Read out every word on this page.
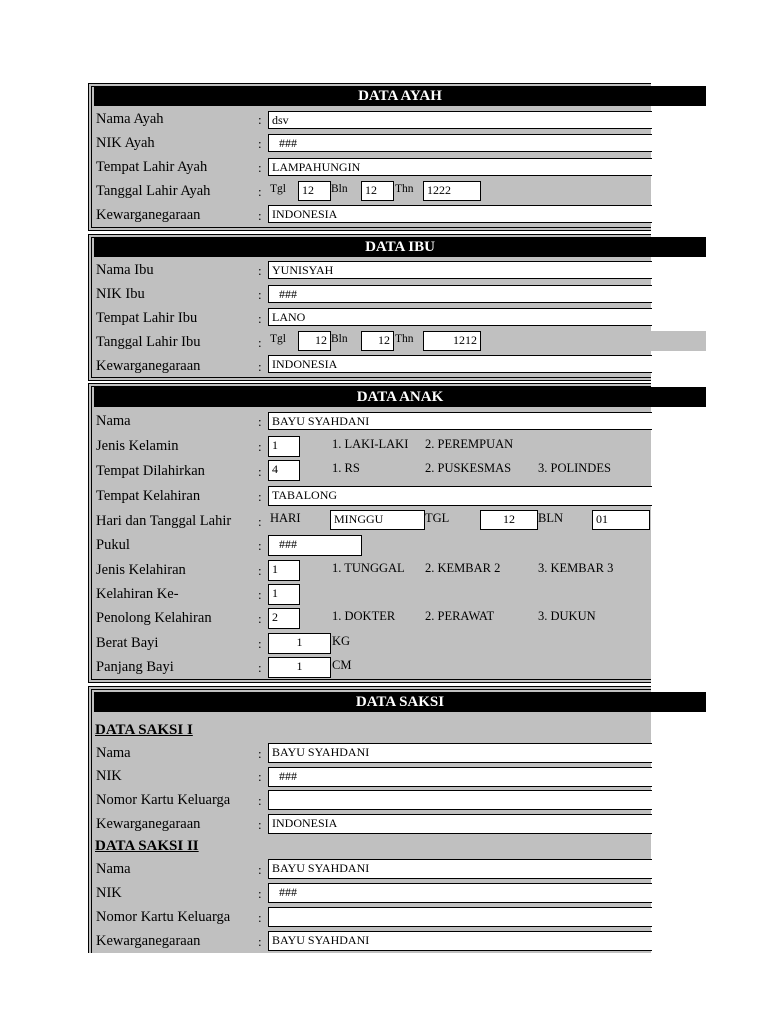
DATA AYAH
Nama Ayah	: dsv
NIK Ayah	:	###
Tempat Lahir Ayah	: LAMPAHUNGIN
Tanggal Lahir Ayah	: Tgl	12	Bln	12	Thn	1222
Kewarganegaraan	: INDONESIA
DATA IBU
Nama Ibu	: YUNISYAH
NIK Ibu	:	###
Tempat Lahir Ibu	: LANO
Tanggal Lahir Ibu	: Tgl	12 Bln	12 Thn	1212
Kewarganegaraan	: INDONESIA
DATA ANAK
Nama	: BAYU SYAHDANI
Jenis Kelamin	: 1	1. LAKI-LAKI 2. PEREMPUAN
Tempat Dilahirkan	: 4	1. RS	2. PUSKESMAS 3. POLINDES
Tempat Kelahiran	: TABALONG
Hari dan Tanggal Lahir : HARI	MINGGU	TGL	12	BLN	01
Pukul	:	###
Jenis Kelahiran	: 1	1. TUNGGAL 2. KEMBAR 2	3. KEMBAR 3
Kelahiran Ke-	: 1
Penolong Kelahiran	: 2	1. DOKTER 2. PERAWAT	3. DUKUN
Berat Bayi	:	1	KG
Panjang Bayi	:	1	CM
DATA SAKSI
DATA SAKSI I
Nama	: BAYU SYAHDANI
NIK	:	###
Nomor Kartu Keluarga :
Kewarganegaraan	: INDONESIA
DATA SAKSI II
Nama	: BAYU SYAHDANI
NIK	:	###
Nomor Kartu Keluarga :
Kewarganegaraan	: BAYU SYAHDANI
